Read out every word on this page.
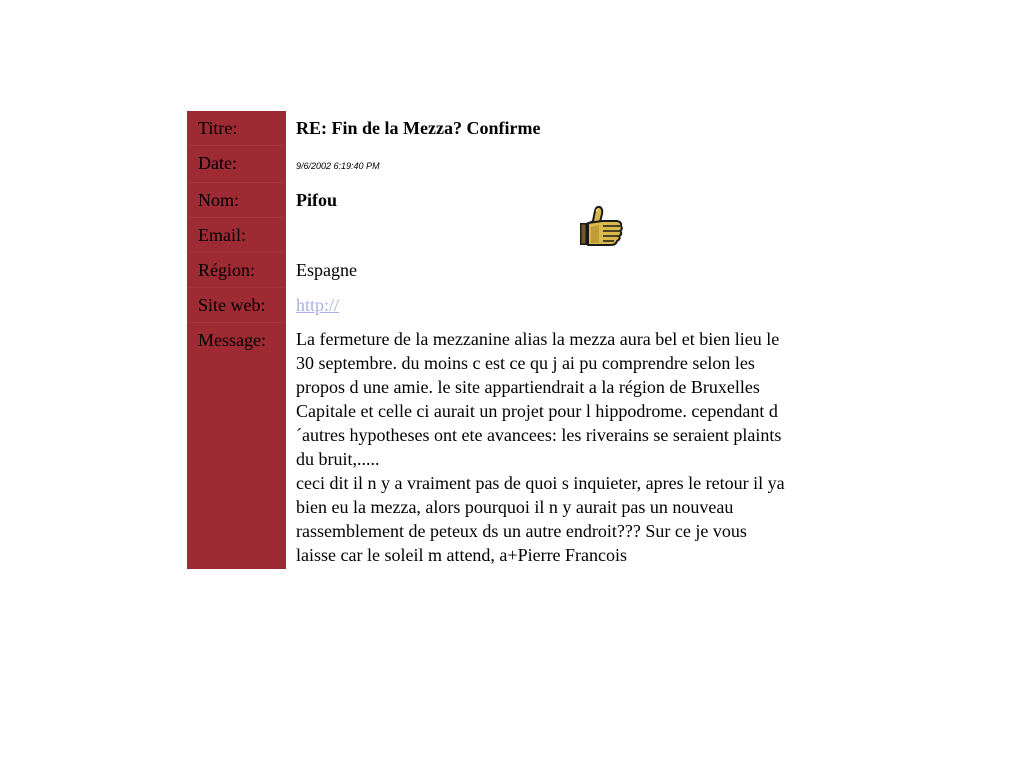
Titre:	RE: Fin de la Mezza? Confirme
Date:	9/6/2002 6:19:40 PM
Nom:	Pifou
Email:
Région:	Espagne
Site web:	http://
Message:	La fermeture de la mezzanine alias la mezza aura bel et bien lieu le 30 septembre. du moins c est ce qu j ai pu comprendre selon les propos d une amie. le site appartiendrait a la région de Bruxelles Capitale et celle ci aurait un projet pour l hippodrome. cependant d´autres hypotheses ont ete avancees: les riverains se seraient plaints du bruit,.....

ceci dit il n y a vraiment pas de quoi s inquieter, apres le retour il ya bien eu la mezza, alors pourquoi il n y aurait pas un nouveau rassemblement de peteux ds un autre endroit??? Sur ce je vous laisse car le soleil m attend, a+Pierre Francois
